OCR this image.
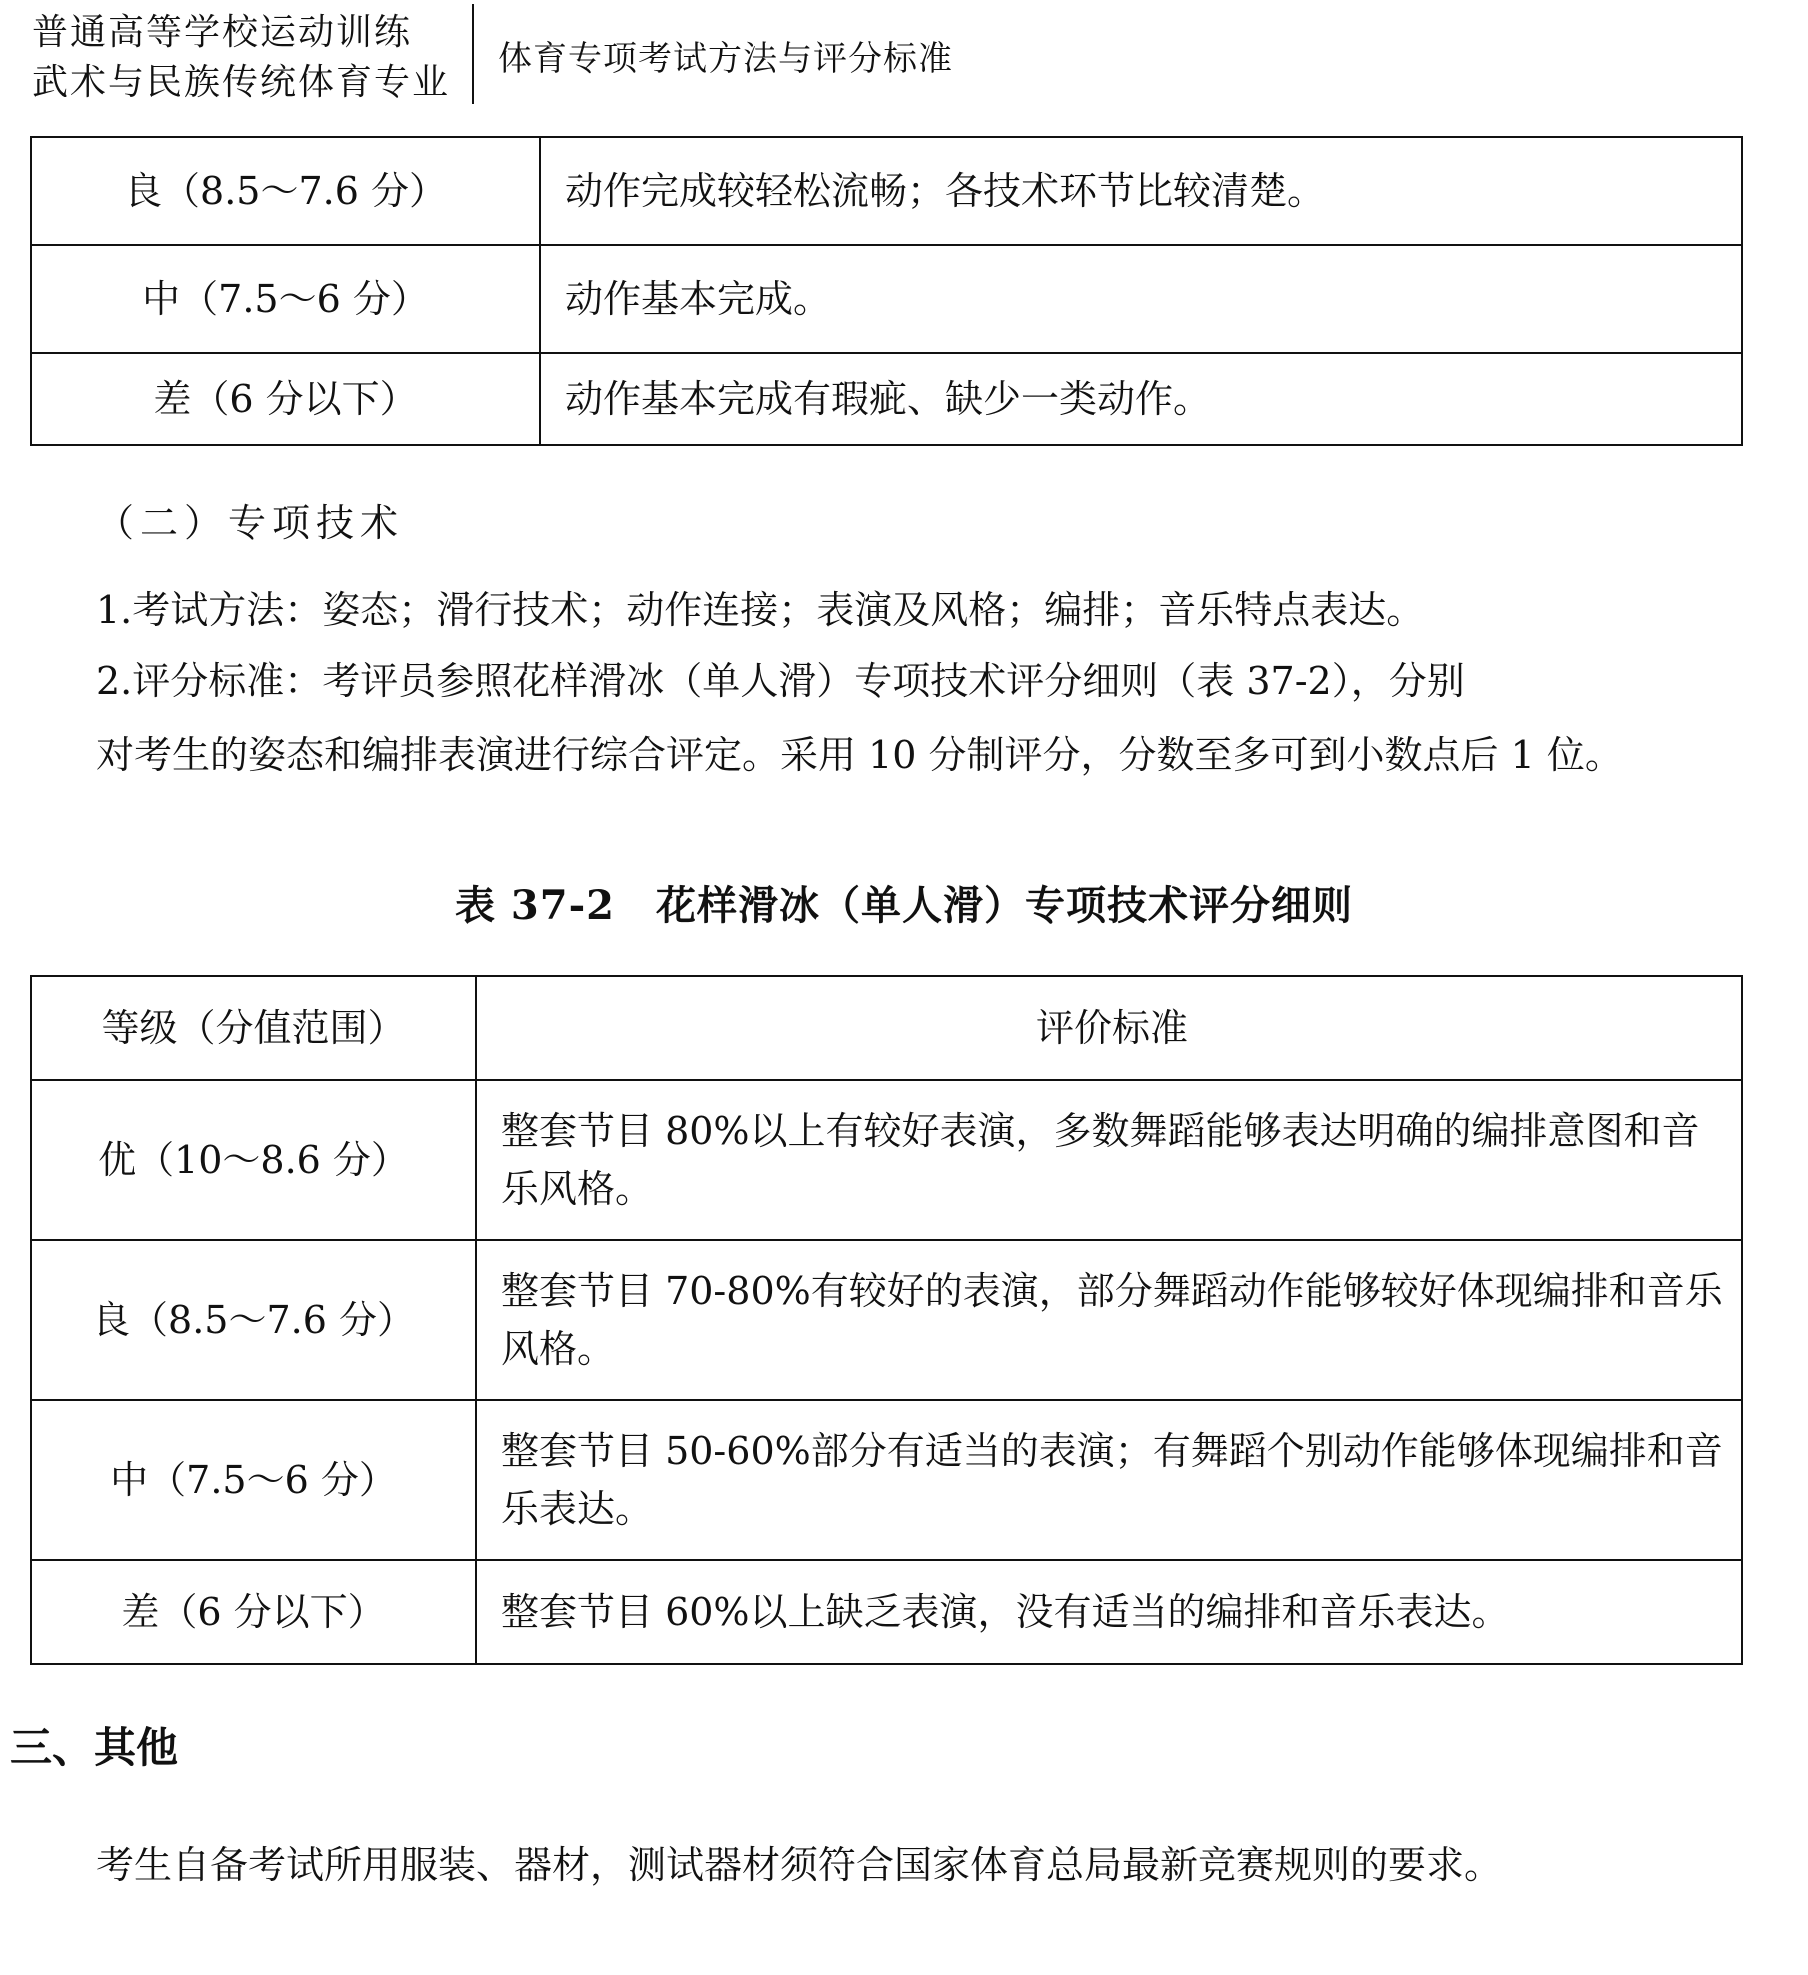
普通高等学校运动训练
武术与民族传统体育专业
体育专项考试方法与评分标准
良（8.5～7.6 分）	动作完成较轻松流畅；各技术环节比较清楚。
中（7.5～6 分）	动作基本完成。
差（6 分以下）	动作基本完成有瑕疵、缺少一类动作。
（二）专项技术
1.考试方法：姿态；滑行技术；动作连接；表演及风格；编排；音乐特点表达。
2.评分标准：考评员参照花样滑冰（单人滑）专项技术评分细则（表 37-2），分别
对考生的姿态和编排表演进行综合评定。采用 10 分制评分，分数至多可到小数点后 1 位。
表 37-2　花样滑冰（单人滑）专项技术评分细则
等级（分值范围）	评价标准
优（10～8.6 分）	整套节目 80%以上有较好表演，多数舞蹈能够表达明确的编排意图和音乐风格。
良（8.5～7.6 分）	整套节目 70-80%有较好的表演，部分舞蹈动作能够较好体现编排和音乐风格。
中（7.5～6 分）	整套节目 50-60%部分有适当的表演；有舞蹈个别动作能够体现编排和音乐表达。
差（6 分以下）	整套节目 60%以上缺乏表演，没有适当的编排和音乐表达。
三、其他
考生自备考试所用服装、器材，测试器材须符合国家体育总局最新竞赛规则的要求。
